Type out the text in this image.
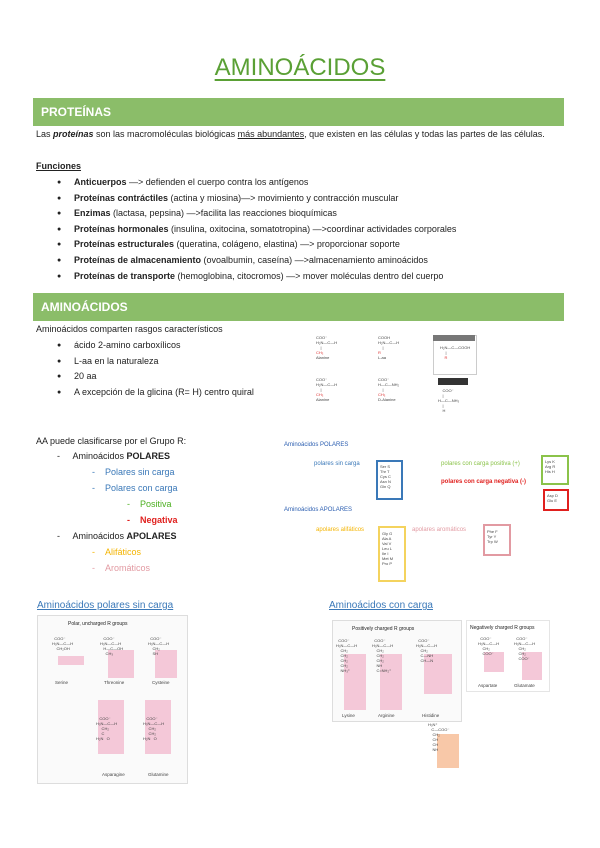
AMINOÁCIDOS
PROTEÍNAS
Las proteínas son las macromoléculas biológicas más abundantes, que existen en las células y todas las partes de las células.
Funciones
● Anticuerpos —> defienden el cuerpo contra los antígenos
● Proteínas contráctiles (actina y miosina)—> movimiento y contracción muscular
● Enzimas (lactasa, pepsina) —>facilita las reacciones bioquímicas
● Proteínas hormonales (insulina, oxitocina, somatotropina) —>coordinar actividades corporales
● Proteínas estructurales (queratina, colágeno, elastina) —> proporcionar soporte
● Proteínas de almacenamiento (ovoalbumin, caseína) —>almacenamiento aminoácidos
● Proteínas de transporte (hemoglobina, citocromos) —> mover moléculas dentro del cuerpo
AMINOÁCIDOS
Aminoácidos comparten rasgos característicos
● ácido 2-amino carboxílicos
● L-aa en la naturaleza
● 20 aa
● A excepción de la glicina (R= H) centro quiral
COO⁻
H₂N—C—H
|
CH₃
Alanine
COOH
H₂N—C—H
|
R
L-aa
COO⁻
H₂N—C—H
|
CH₃
Alanine
COO⁻
H—C—NH₂
|
CH₃
D-Alanine
H₂N—C—COOH
|
R
COO⁻
|
H—C—NH₃
|
H
AA puede clasificarse por el Grupo R:
-     Aminoácidos POLARES
-    Polares sin carga
-    Polares con carga
-    Positiva
-    Negativa
-     Aminoácidos APOLARES
-    Alifáticos
-    Aromáticos
Aminoácidos POLARES
polares sin carga	Ser S
Thr T
Cys C
Asn N
Gln Q
polares con carga positiva (+)	Lys K
Arg R
His H
polares con carga negativa (-)
Asp D
Glu E
Aminoácidos APOLARES
apolares alifáticos
Gly G
Ala A
Val V
Leu L
Ile I
Met M
Pro P
apolares aromáticos	Phe F
Tyr Y
Trp W
Aminoácidos polares sin carga	Aminoácidos con carga
Polar, uncharged R groups
COO⁻
H₃N—C—H
CH₂OH
COO⁻
H₃N—C—H
H—C—OH
CH₃
COO⁻
H₃N—C—H
CH₂
SH
Serine	Threonine	Cysteine
COO⁻
H₃N—C—H
CH₂
C
H₂N   O
COO⁻
H₃N—C—H
CH₂
CH₂
H₂N   O
Asparagine	Glutamine
Positively charged R groups
COO⁻
H₃N—C—H
CH₂
CH₂
CH₂
CH₂
NH₃⁺
COO⁻
H₃N—C—H
CH₂
CH₂
CH₂
NH
C=NH₂⁺
COO⁻
H₃N—C—H
CH₂
C—NH
CH—N
Lysine	Arginine	Histidine
Negatively charged R groups
COO⁻
H₃N—C—H
CH₂
COO⁻
COO⁻
H₃N—C—H
CH₂
CH₂
COO⁻
Aspartate	Glutamate
H₃N⁺
C—COO⁻
CH₂
CH
CH
NH
